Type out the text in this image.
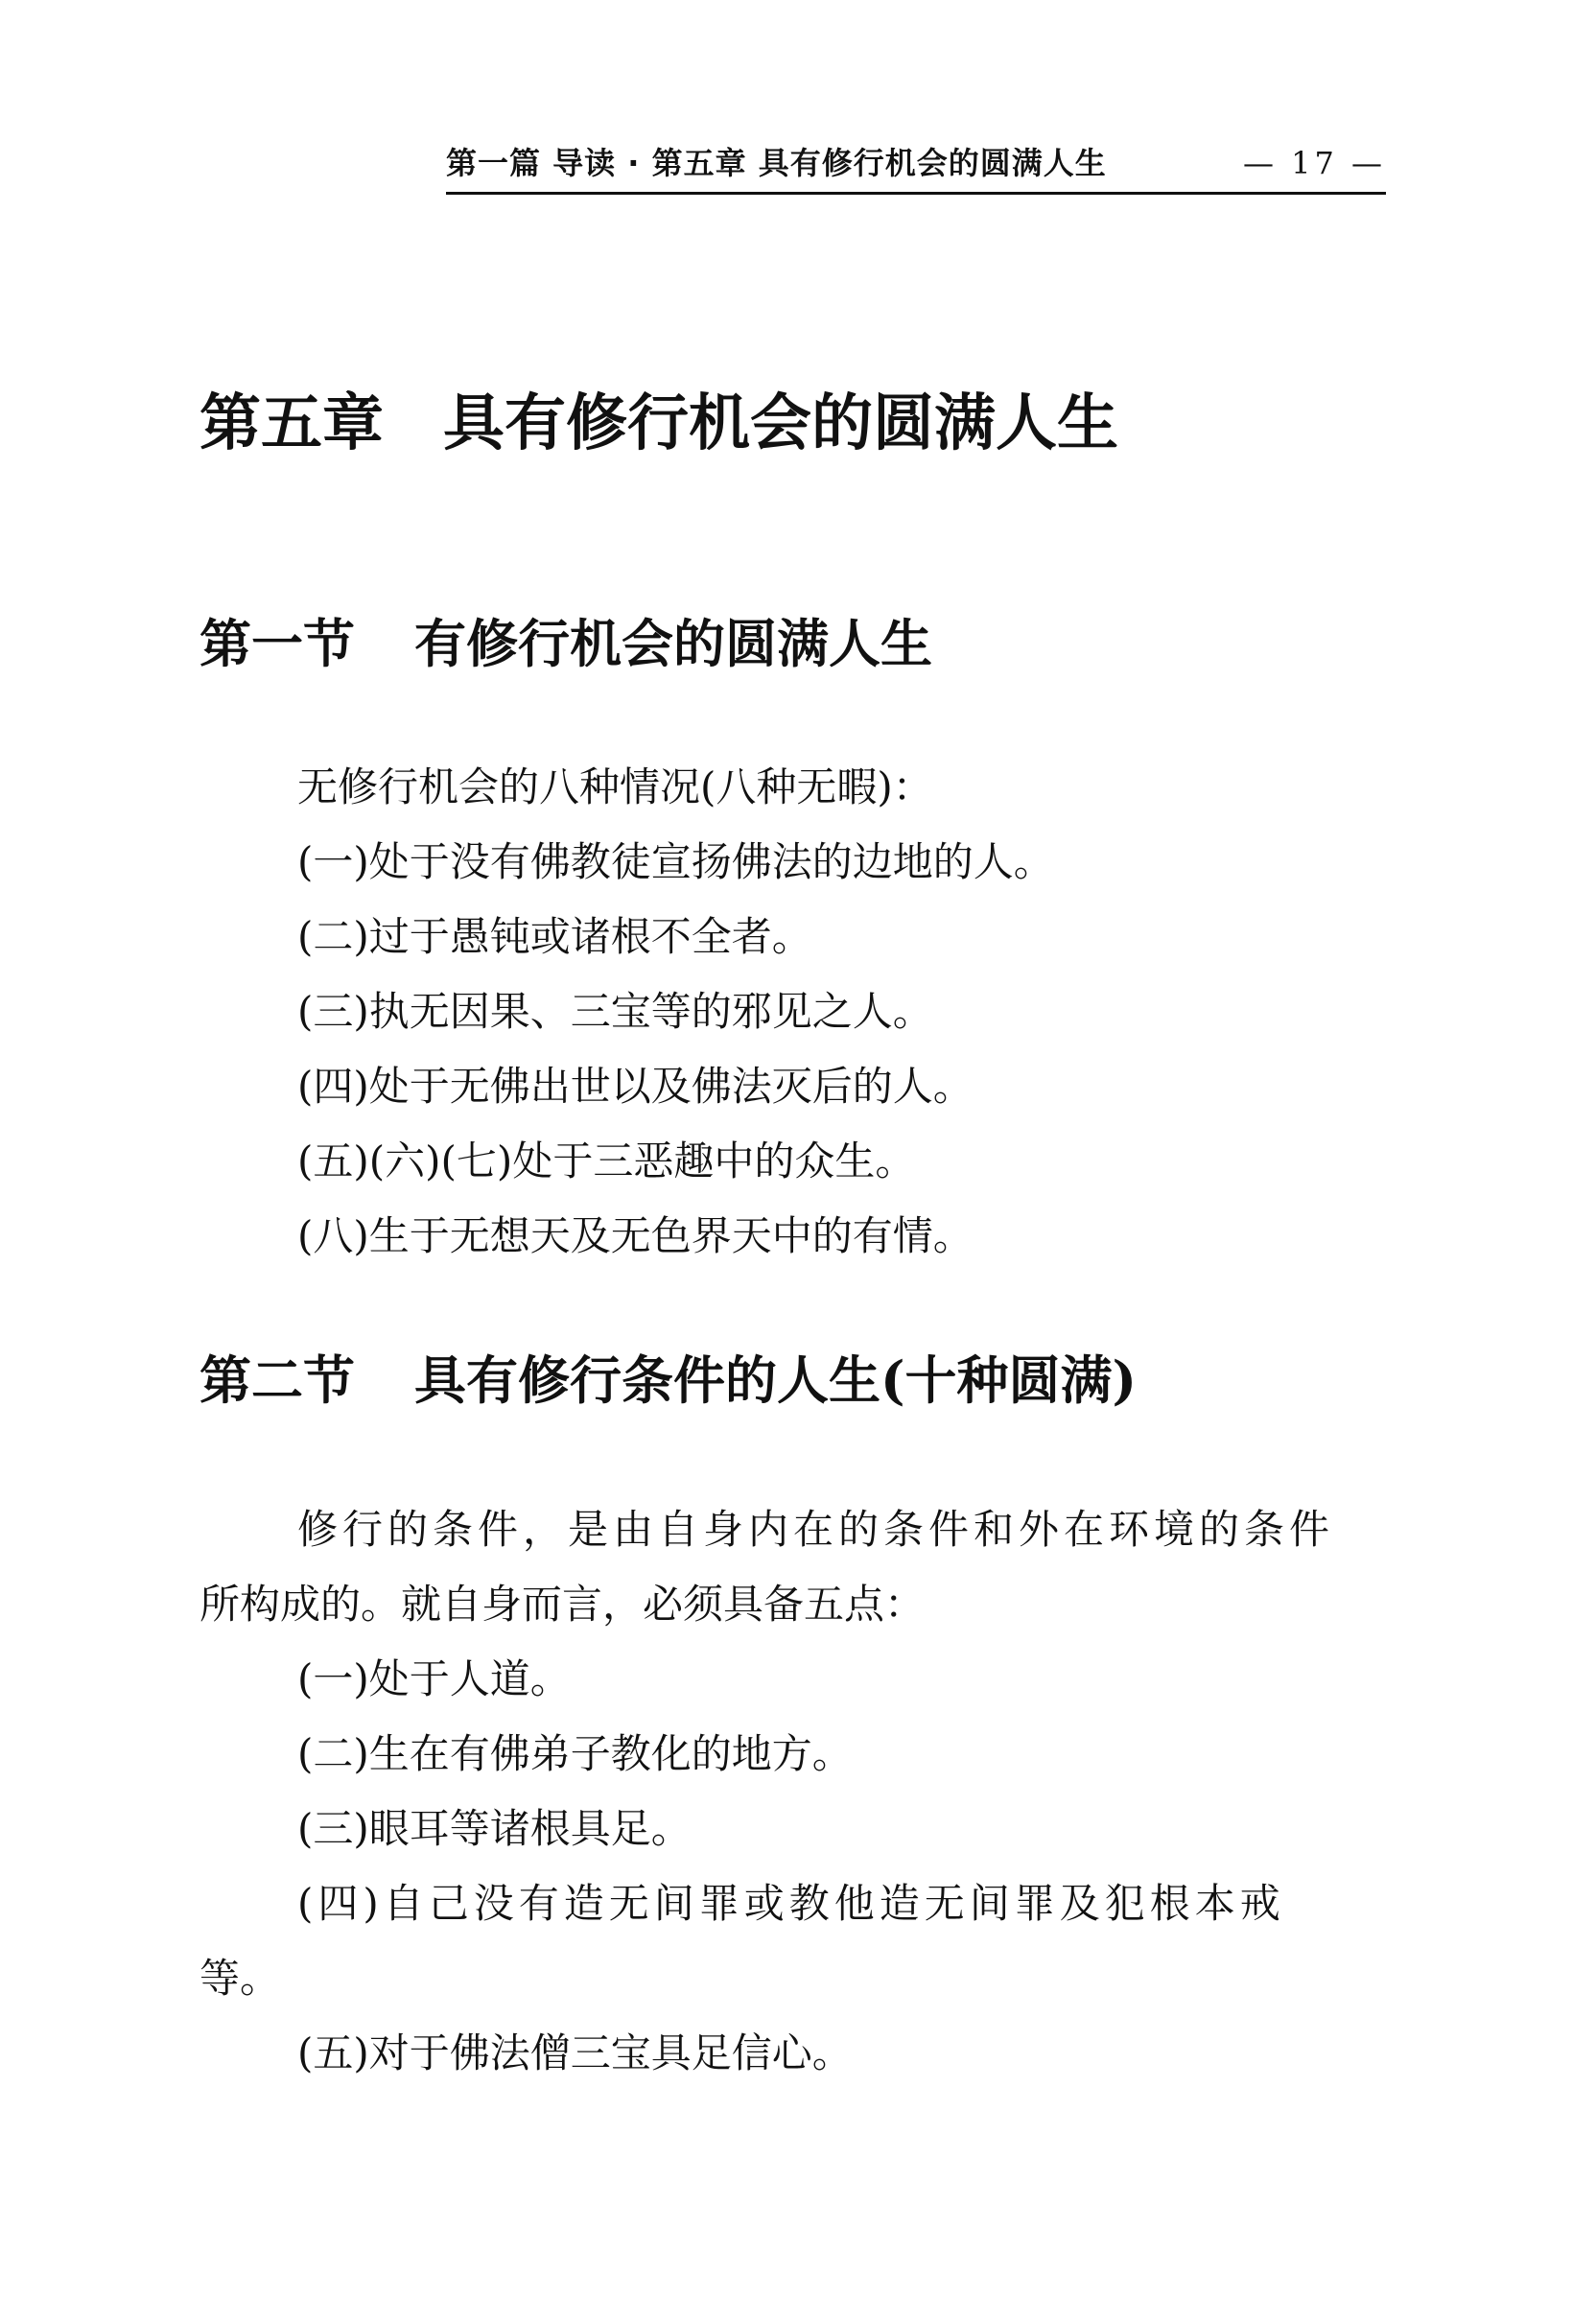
第一篇 导读 · 第五章 具有修行机会的圆满人生	— 17 —
第五章 具有修行机会的圆满人生
第一节 有修行机会的圆满人生
无修行机会的八种情况(八种无暇)：
(一)处于没有佛教徒宣扬佛法的边地的人。
(二)过于愚钝或诸根不全者。
(三)执无因果、三宝等的邪见之人。
(四)处于无佛出世以及佛法灭后的人。
(五)(六)(七)处于三恶趣中的众生。
(八)生于无想天及无色界天中的有情。
第二节 具有修行条件的人生(十种圆满)
修行的条件，是由自身内在的条件和外在环境的条件
所构成的。就自身而言，必须具备五点：
(一)处于人道。
(二)生在有佛弟子教化的地方。
(三)眼耳等诸根具足。
(四)自己没有造无间罪或教他造无间罪及犯根本戒
等。
(五)对于佛法僧三宝具足信心。
